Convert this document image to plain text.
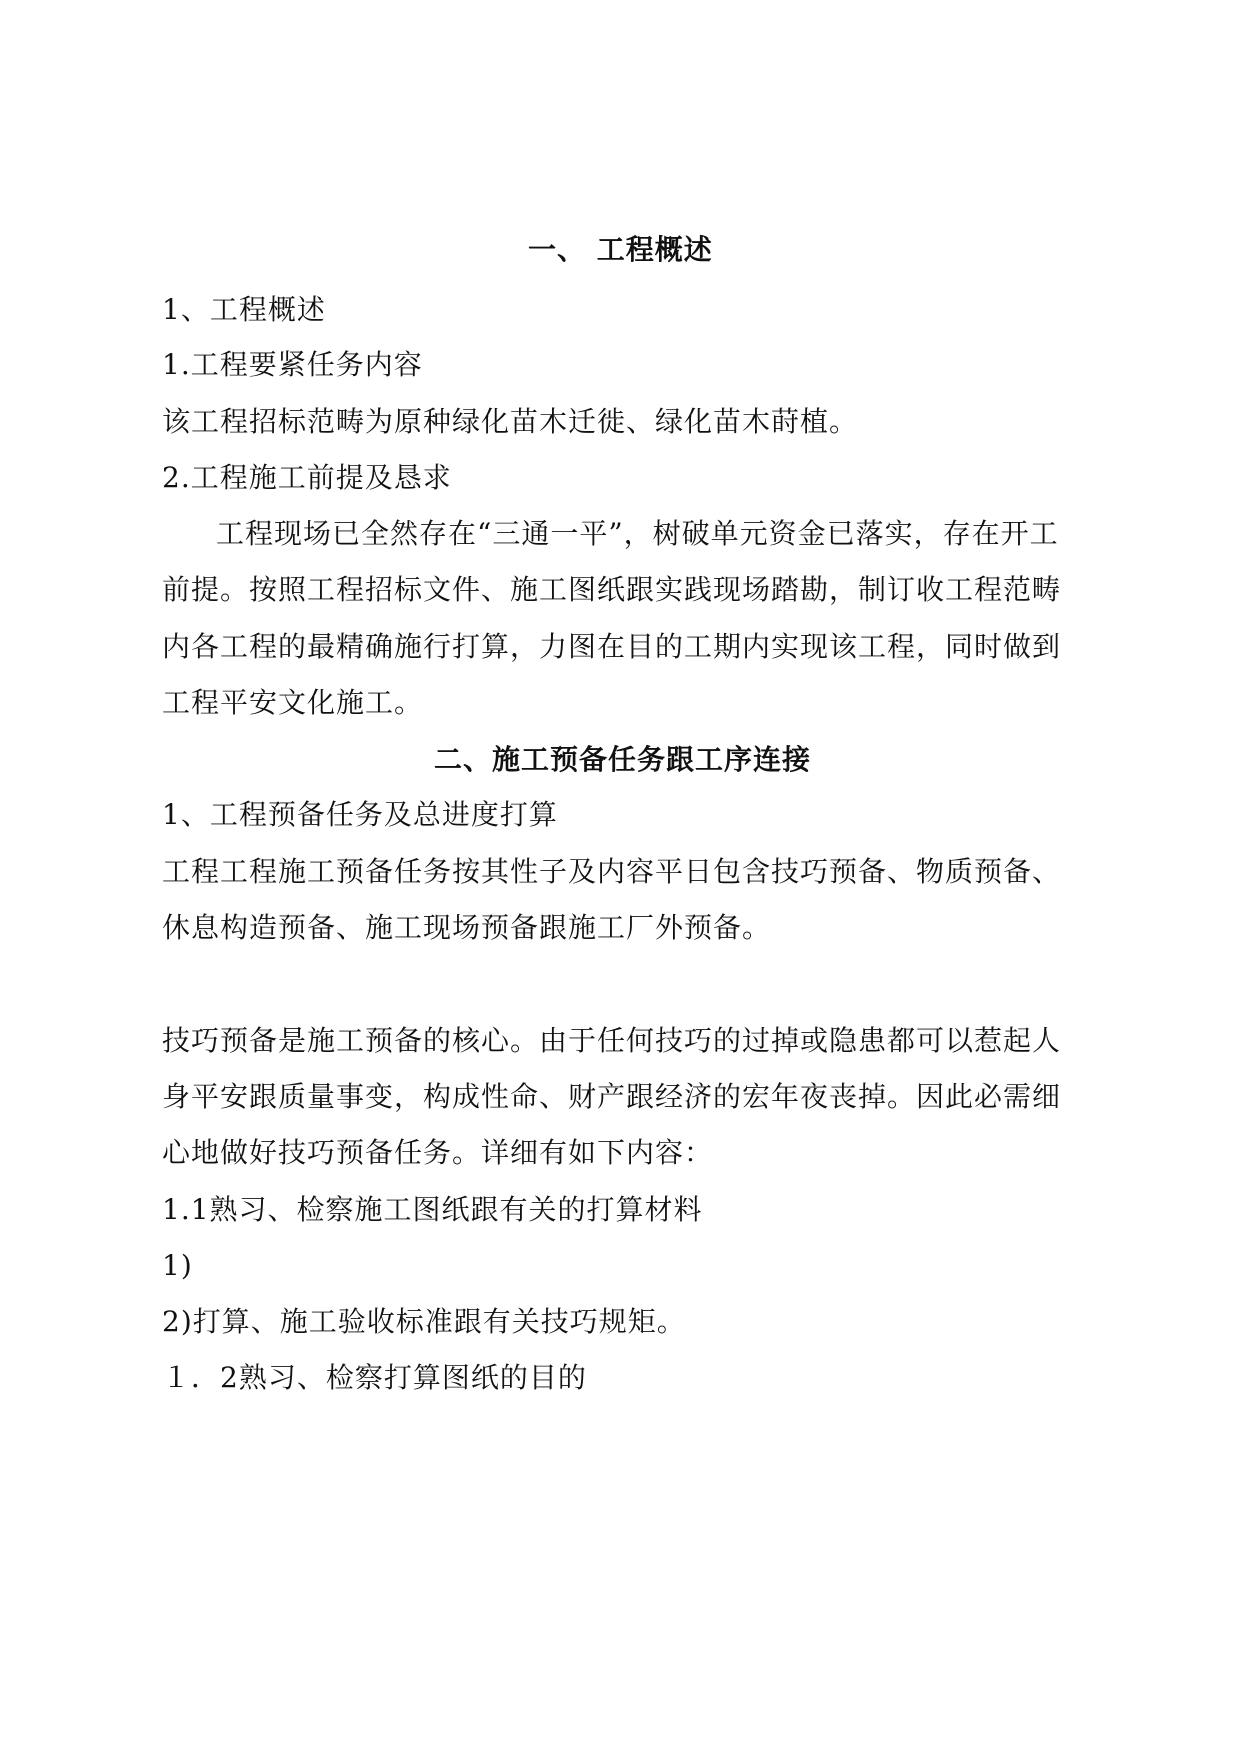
一、 工程概述
1、工程概述
1.工程要紧任务内容
该工程招标范畴为原种绿化苗木迁徙、绿化苗木莳植。
2.工程施工前提及恳求
工程现场已全然存在“三通一平”，树破单元资金已落实，存在开工
前提。按照工程招标文件、施工图纸跟实践现场踏勘，制订收工程范畴
内各工程的最精确施行打算，力图在目的工期内实现该工程，同时做到
工程平安文化施工。
二、施工预备任务跟工序连接
1、工程预备任务及总进度打算
工程工程施工预备任务按其性子及内容平日包含技巧预备、物质预备、
休息构造预备、施工现场预备跟施工厂外预备。
技巧预备是施工预备的核心。由于任何技巧的过掉或隐患都可以惹起人
身平安跟质量事变，构成性命、财产跟经济的宏年夜丧掉。因此必需细
心地做好技巧预备任务。详细有如下内容：
1.1熟习、检察施工图纸跟有关的打算材料
1)
2)打算、施工验收标准跟有关技巧规矩。
１．2熟习、检察打算图纸的目的
